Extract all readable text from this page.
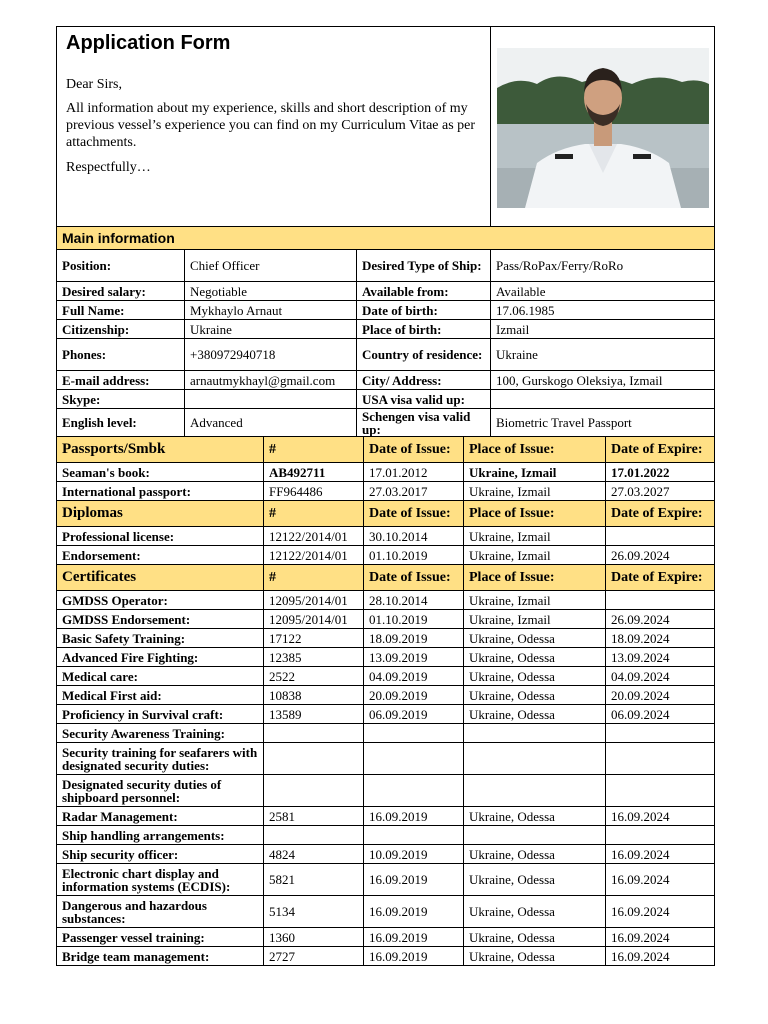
Application Form

Dear Sirs,

All information about my experience, skills and short description of my previous vessel’s experience you can find on my Curriculum Vitae as per attachments.

Respectfully…

Main information			
Position:	Chief Officer	Desired Type of Ship:	Pass/RoPax/Ferry/RoRo
Desired salary:	Negotiable	Available from:	Available
Full Name:	Mykhaylo Arnaut	Date of birth:	17.06.1985
Citizenship:	Ukraine	Place of birth:	Izmail
Phones:	+380972940718	Country of residence:	Ukraine
E-mail address:	arnautmykhayl@gmail.com	City/ Address:	100, Gurskogo Oleksiya, Izmail
Skype:		USA visa valid up:	
English level:	Advanced	Schengen visa valid up:	Biometric Travel Passport
Passports/Smbk	#	Date of Issue:	Place of Issue:	Date of Expire:
Seaman's book:	AB492711	17.01.2012	Ukraine, Izmail	17.01.2022
International passport:	FF964486	27.03.2017	Ukraine, Izmail	27.03.2027
Diplomas	#	Date of Issue:	Place of Issue:	Date of Expire:
Professional license:	12122/2014/01	30.10.2014	Ukraine, Izmail	
Endorsement:	12122/2014/01	01.10.2019	Ukraine, Izmail	26.09.2024
Certificates	#	Date of Issue:	Place of Issue:	Date of Expire:
GMDSS Operator:	12095/2014/01	28.10.2014	Ukraine, Izmail	
GMDSS Endorsement:	12095/2014/01	01.10.2019	Ukraine, Izmail	26.09.2024
Basic Safety Training:	17122	18.09.2019	Ukraine, Odessa	18.09.2024
Advanced Fire Fighting:	12385	13.09.2019	Ukraine, Odessa	13.09.2024
Medical care:	2522	04.09.2019	Ukraine, Odessa	04.09.2024
Medical First aid:	10838	20.09.2019	Ukraine, Odessa	20.09.2024
Proficiency in Survival craft:	13589	06.09.2019	Ukraine, Odessa	06.09.2024
Security Awareness Training:				
Security training for seafarers with designated security duties:				
Designated security duties of shipboard personnel:				
Radar Management:	2581	16.09.2019	Ukraine, Odessa	16.09.2024
Ship handling arrangements:				
Ship security officer:	4824	10.09.2019	Ukraine, Odessa	16.09.2024
Electronic chart display and information systems (ECDIS):	5821	16.09.2019	Ukraine, Odessa	16.09.2024
Dangerous and hazardous substances:	5134	16.09.2019	Ukraine, Odessa	16.09.2024
Passenger vessel training:	1360	16.09.2019	Ukraine, Odessa	16.09.2024
Bridge team management:	2727	16.09.2019	Ukraine, Odessa	16.09.2024
